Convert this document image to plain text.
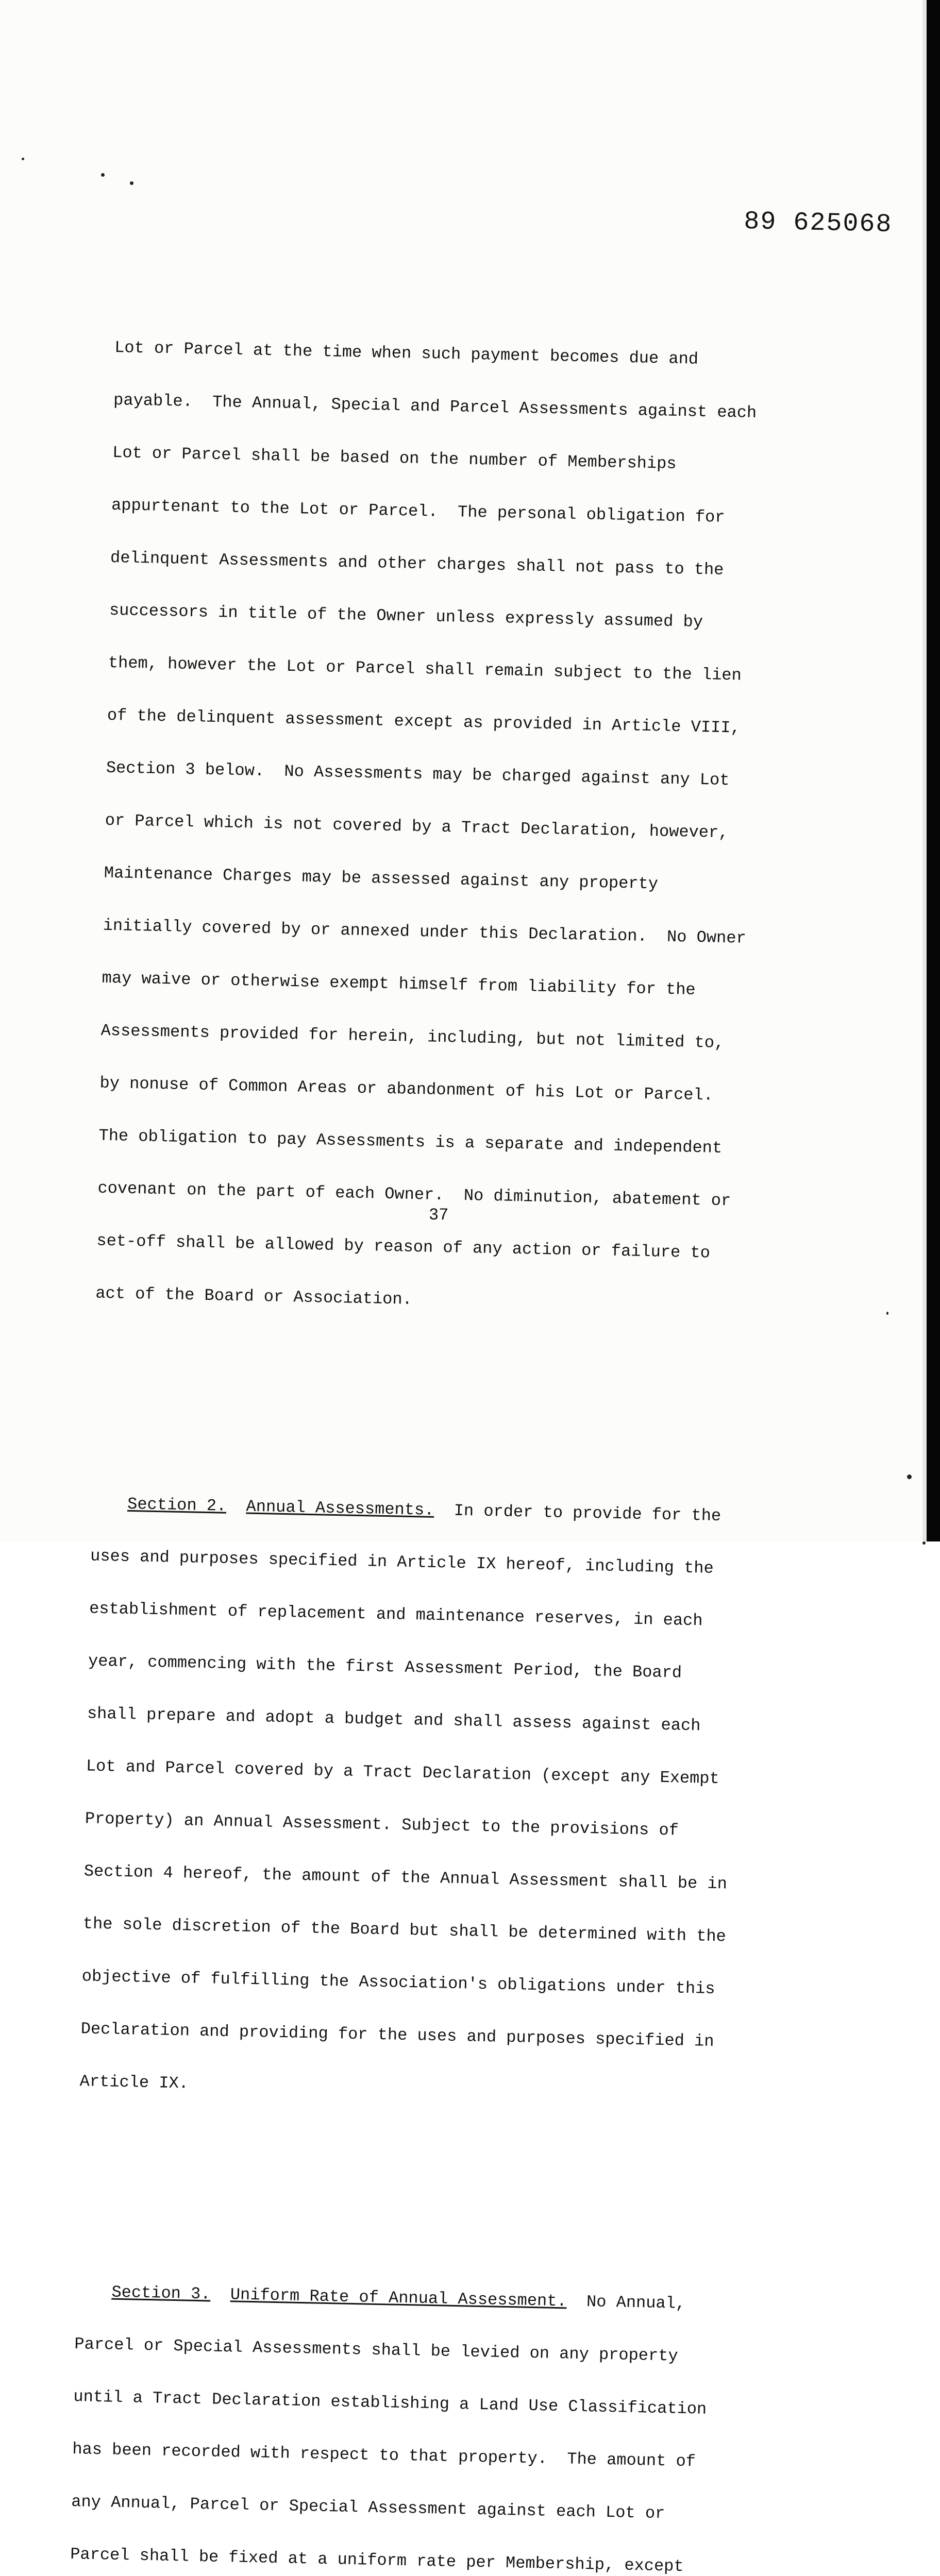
89 625068

Lot or Parcel at the time when such payment becomes due and

payable.  The Annual, Special and Parcel Assessments against each

Lot or Parcel shall be based on the number of Memberships

appurtenant to the Lot or Parcel.  The personal obligation for

delinquent Assessments and other charges shall not pass to the

successors in title of the Owner unless expressly assumed by

them, however the Lot or Parcel shall remain subject to the lien

of the delinquent assessment except as provided in Article VIII,

Section 3 below.  No Assessments may be charged against any Lot

or Parcel which is not covered by a Tract Declaration, however,

Maintenance Charges may be assessed against any property

initially covered by or annexed under this Declaration.  No Owner

may waive or otherwise exempt himself from liability for the

Assessments provided for herein, including, but not limited to,

by nonuse of Common Areas or abandonment of his Lot or Parcel.

The obligation to pay Assessments is a separate and independent

covenant on the part of each Owner.  No diminution, abatement or

set-off shall be allowed by reason of any action or failure to

act of the Board or Association.

Section 2. Annual Assessments.  In order to provide for the

uses and purposes specified in Article IX hereof, including the

establishment of replacement and maintenance reserves, in each

year, commencing with the first Assessment Period, the Board

shall prepare and adopt a budget and shall assess against each

Lot and Parcel covered by a Tract Declaration (except any Exempt

Property) an Annual Assessment. Subject to the provisions of

Section 4 hereof, the amount of the Annual Assessment shall be in

the sole discretion of the Board but shall be determined with the

objective of fulfilling the Association's obligations under this

Declaration and providing for the uses and purposes specified in

Article IX.

Section 3. Uniform Rate of Annual Assessment.  No Annual,

Parcel or Special Assessments shall be levied on any property

until a Tract Declaration establishing a Land Use Classification

has been recorded with respect to that property.  The amount of

any Annual, Parcel or Special Assessment against each Lot or

Parcel shall be fixed at a uniform rate per Membership, except

37
